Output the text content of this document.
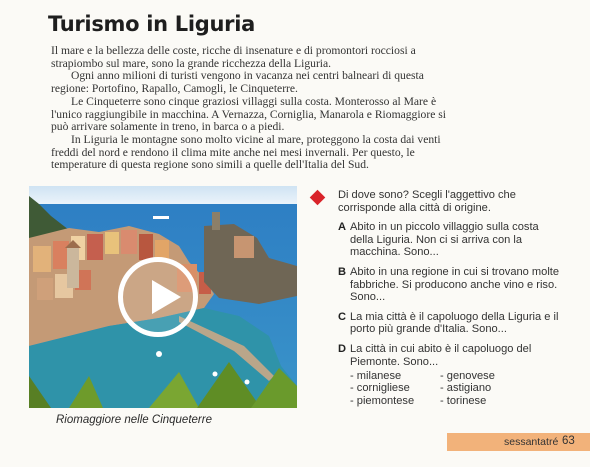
Turismo in Liguria

Il mare e la bellezza delle coste, ricche di insenature e di promontori rocciosi a strapiombo sul mare, sono la grande ricchezza della Liguria.

Ogni anno milioni di turisti vengono in vacanza nei centri balneari di questa regione: Portofino, Rapallo, Camogli, le Cinqueterre.

Le Cinqueterre sono cinque graziosi villaggi sulla costa. Monterosso al Mare è l'unico raggiungibile in macchina. A Vernazza, Corniglia, Manarola e Riomaggiore si può arrivare solamente in treno, in barca o a piedi.

In Liguria le montagne sono molto vicine al mare, proteggono la costa dai venti freddi del nord e rendono il clima mite anche nei mesi invernali. Per questo, le temperature di questa regione sono simili a quelle dell'Italia del Sud.

Riomaggiore nelle Cinqueterre

Di dove sono? Scegli l'aggettivo che corrisponde alla città di origine.

A Abito in un piccolo villaggio sulla costa della Liguria. Non ci si arriva con la macchina. Sono...
B Abito in una regione in cui si trovano molte fabbriche. Si producono anche vino e riso. Sono...
C La mia città è il capoluogo della Liguria e il porto più grande d'Italia. Sono...
D La città in cui abito è il capoluogo del Piemonte. Sono...
- milanese
- cornigliese
- piemontese
- genovese
- astigiano
- torinese
sessantatré 63
